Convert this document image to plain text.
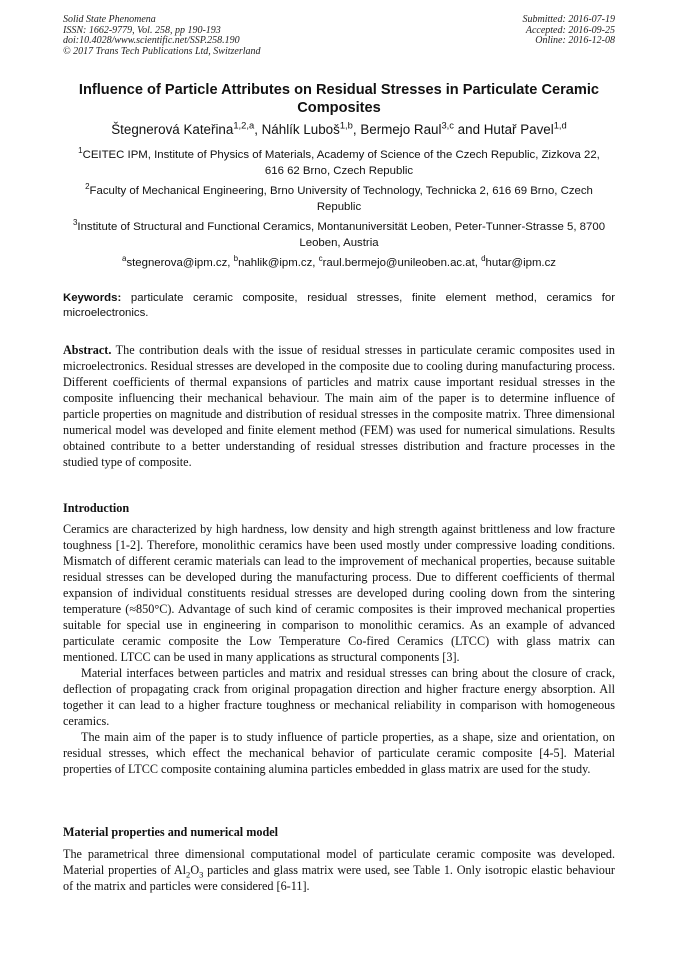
Solid State Phenomena
ISSN: 1662-9779, Vol. 258, pp 190-193
doi:10.4028/www.scientific.net/SSP.258.190
© 2017 Trans Tech Publications Ltd, Switzerland
Submitted: 2016-07-19
Accepted: 2016-09-25
Online: 2016-12-08
Influence of Particle Attributes on Residual Stresses in Particulate Ceramic Composites
Štegnerová Kateřina$^{1,2,a}$, Náhlík Luboš$^{1,b}$, Bermejo Raul$^{3,c}$ and Hutař Pavel$^{1,d}$
$^1$CEITEC IPM, Institute of Physics of Materials, Academy of Science of the Czech Republic, Zizkova 22, 616 62 Brno, Czech Republic
$^2$Faculty of Mechanical Engineering, Brno University of Technology, Technicka 2, 616 69 Brno, Czech Republic
$^3$Institute of Structural and Functional Ceramics, Montanuniversität Leoben, Peter-Tunner-Strasse 5, 8700 Leoben, Austria
$^a$stegnerova@ipm.cz, $^b$nahlik@ipm.cz, $^c$raul.bermejo@unileoben.ac.at, $^d$hutar@ipm.cz
Keywords: particulate ceramic composite, residual stresses, finite element method, ceramics for microelectronics.
Abstract. The contribution deals with the issue of residual stresses in particulate ceramic composites used in microelectronics. Residual stresses are developed in the composite due to cooling during manufacturing process. Different coefficients of thermal expansions of particles and matrix cause important residual stresses in the composite influencing their mechanical behaviour. The main aim of the paper is to determine influence of particle properties on magnitude and distribution of residual stresses in the composite matrix. Three dimensional numerical model was developed and finite element method (FEM) was used for numerical simulations. Results obtained contribute to a better understanding of residual stresses distribution and fracture processes in the studied type of composite.
Introduction

Ceramics are characterized by high hardness, low density and high strength against brittleness and low fracture toughness [1-2]. Therefore, monolithic ceramics have been used mostly under compressive loading conditions. Mismatch of different ceramic materials can lead to the improvement of mechanical properties, because suitable residual stresses can be developed during the manufacturing process. Due to different coefficients of thermal expansion of individual constituents residual stresses are developed during cooling down from the sintering temperature (≈850°C). Advantage of such kind of ceramic composites is their improved mechanical properties suitable for special use in engineering in comparison to monolithic ceramics. As an example of advanced particulate ceramic composite the Low Temperature Co-fired Ceramics (LTCC) with glass matrix can mentioned. LTCC can be used in many applications as structural components [3].

Material interfaces between particles and matrix and residual stresses can bring about the closure of crack, deflection of propagating crack from original propagation direction and higher fracture energy absorption. All together it can lead to a higher fracture toughness or mechanical reliability in comparison with homogeneous ceramics.

The main aim of the paper is to study influence of particle properties, as a shape, size and orientation, on residual stresses, which effect the mechanical behavior of particulate ceramic composite [4-5]. Material properties of LTCC composite containing alumina particles embedded in glass matrix are used for the study.

Material properties and numerical model

The parametrical three dimensional computational model of particulate ceramic composite was developed. Material properties of $Al_2O_3$ particles and glass matrix were used, see Table 1. Only isotropic elastic behaviour of the matrix and particles were considered [6-11].
